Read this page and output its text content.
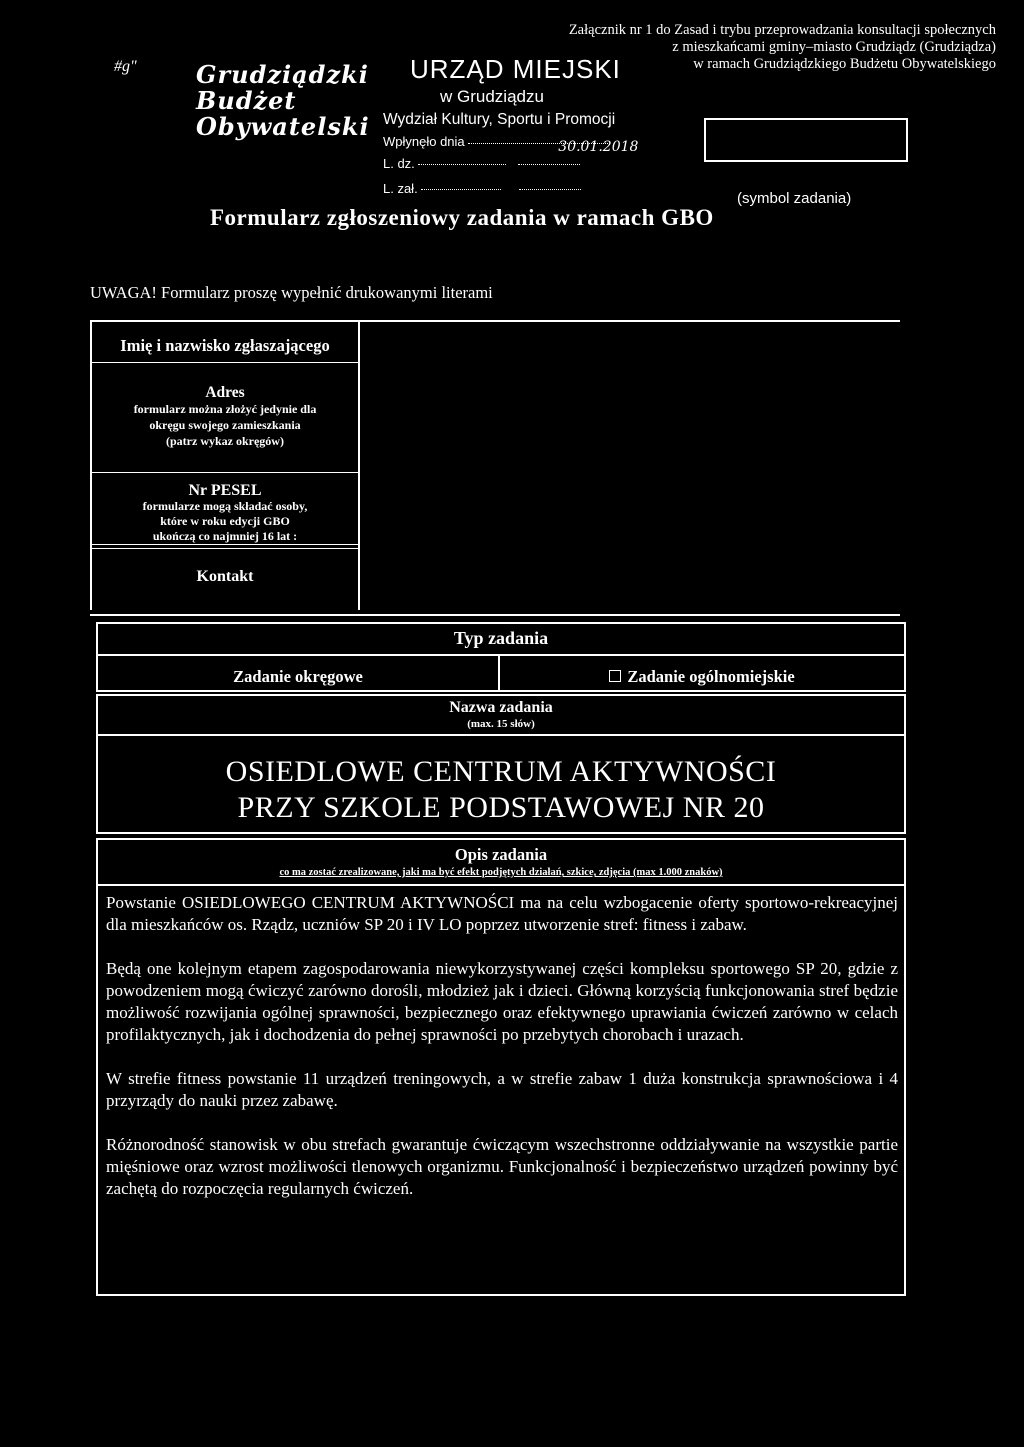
#g"
Załącznik nr 1 do Zasad i trybu przeprowadzania konsultacji społecznych
z mieszkańcami gminy–miasto Grudziądz (Grudziądza)
w ramach Grudziądzkiego Budżetu Obywatelskiego
Grudziądzki
Budżet
Obywatelski
URZĄD MIEJSKI
w Grudziądzu
Wydział Kultury, Sportu i Promocji
Wpłynęło dnia	30.01.2018
L. dz.
L. zał.
(symbol zadania)
Formularz zgłoszeniowy zadania w ramach GBO
UWAGA! Formularz proszę wypełnić drukowanymi literami
Imię i nazwisko zgłaszającego
Adres
formularz można złożyć jedynie dla
okręgu swojego zamieszkania
(patrz wykaz okręgów)
Nr PESEL
formularze mogą składać osoby,
które w roku edycji GBO
ukończą co najmniej 16 lat :
Kontakt
Typ zadania
Zadanie okręgowe	Zadanie ogólnomiejskie
Nazwa zadania
(max. 15 słów)
OSIEDLOWE CENTRUM AKTYWNOŚCI
PRZY SZKOLE PODSTAWOWEJ NR 20
Opis zadania
co ma zostać zrealizowane, jaki ma być efekt podjętych działań, szkice, zdjęcia (max 1.000 znaków)

Powstanie OSIEDLOWEGO CENTRUM AKTYWNOŚCI ma na celu wzbogacenie oferty sportowo-rekreacyjnej dla mieszkańców os. Rządz, uczniów SP 20 i IV LO poprzez utworzenie stref: fitness i zabaw.

Będą one kolejnym etapem zagospodarowania niewykorzystywanej części kompleksu sportowego SP 20, gdzie z powodzeniem mogą ćwiczyć zarówno dorośli, młodzież jak i dzieci. Główną korzyścią funkcjonowania stref będzie możliwość rozwijania ogólnej sprawności, bezpiecznego oraz efektywnego uprawiania ćwiczeń zarówno w celach profilaktycznych, jak i dochodzenia do pełnej sprawności po przebytych chorobach i urazach.

W strefie fitness powstanie 11 urządzeń treningowych, a w strefie zabaw 1 duża konstrukcja sprawnościowa i 4 przyrządy do nauki przez zabawę.

Różnorodność stanowisk w obu strefach gwarantuje ćwiczącym wszechstronne oddziaływanie na wszystkie partie mięśniowe oraz wzrost możliwości tlenowych organizmu. Funkcjonalność i bezpieczeństwo urządzeń powinny być zachętą do rozpoczęcia regularnych ćwiczeń.
